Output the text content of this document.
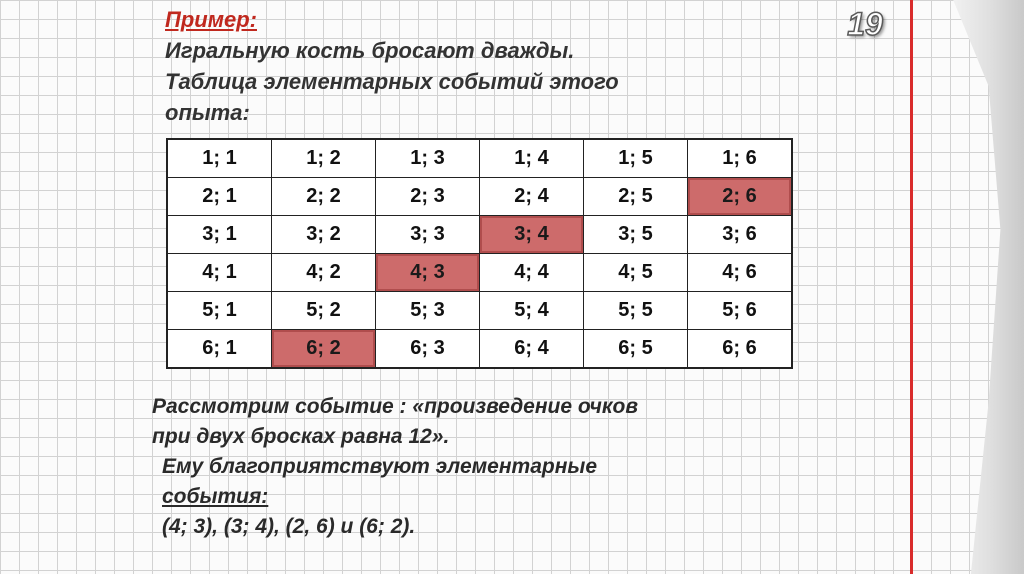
19
Пример:
Игральную кость бросают дважды.
Таблица элементарных событий этого
опыта:
1; 1	1; 2	1; 3	1; 4	1; 5	1; 6
2; 1	2; 2	2; 3	2; 4	2; 5	2; 6
3; 1	3; 2	3; 3	3; 4	3; 5	3; 6
4; 1	4; 2	4; 3	4; 4	4; 5	4; 6
5; 1	5; 2	5; 3	5; 4	5; 5	5; 6
6; 1	6; 2	6; 3	6; 4	6; 5	6; 6
Рассмотрим событие : «произведение очков
при двух бросках равна 12».
Ему благоприятствуют элементарные
события:
(4; 3), (3; 4), (2, 6) и (6; 2).
